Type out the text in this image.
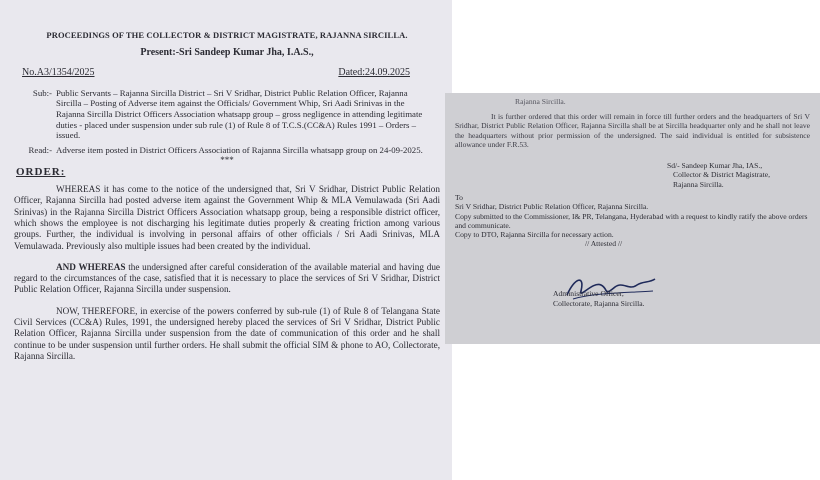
PROCEEDINGS OF THE COLLECTOR & DISTRICT MAGISTRATE, RAJANNA SIRCILLA.
Present:-Sri Sandeep Kumar Jha, I.A.S.,
No.A3/1354/2025	Dated:24.09.2025
Sub:- Public Servants – Rajanna Sircilla District – Sri V Sridhar, District Public Relation Officer, Rajanna Sircilla – Posting of Adverse item against the Officials/ Government Whip, Sri Aadi Srinivas in the Rajanna Sircilla District Officers Association whatsapp group – gross negligence in attending legitimate duties - placed under suspension under sub rule (1) of Rule 8 of T.C.S.(CC&A) Rules 1991 – Orders – issued.
Read:- Adverse item posted in District Officers Association of Rajanna Sircilla whatsapp group on 24-09-2025.
***
ORDER:

WHEREAS it has come to the notice of the undersigned that, Sri V Sridhar, District Public Relation Officer, Rajanna Sircilla had posted adverse item against the Government Whip & MLA Vemulawada (Sri Aadi Srinivas) in the Rajanna Sircilla District Officers Association whatsapp group, being a responsible district officer, which shows the employee is not discharging his legitimate duties properly & creating friction among various groups. Further, the individual is involving in personal affairs of other officials / Sri Aadi Srinivas, MLA Vemulawada. Previously also multiple issues had been created by the individual.

AND WHEREAS the undersigned after careful consideration of the available material and having due regard to the circumstances of the case, satisfied that it is necessary to place the services of Sri V Sridhar, District Public Relation Officer, Rajanna Sircilla under suspension.

NOW, THEREFORE, in exercise of the powers conferred by sub-rule (1) of Rule 8 of Telangana State Civil Services (CC&A) Rules, 1991, the undersigned hereby placed the services of Sri V Sridhar, District Public Relation Officer, Rajanna Sircilla under suspension from the date of communication of this order and he shall continue to be under suspension until further orders. He shall submit the official SIM & phone to AO, Collectorate, Rajanna Sircilla.

Rajanna Sircilla.

It is further ordered that this order will remain in force till further orders and the headquarters of Sri V Sridhar, District Public Relation Officer, Rajanna Sircilla shall be at Sircilla headquarter only and he shall not leave the headquarters without prior permission of the undersigned. The said individual is entitled for subsistence allowance under F.R.53.

Sd/- Sandeep Kumar Jha, IAS.,
Collector & District Magistrate,
Rajanna Sircilla.
To
Sri V Sridhar, District Public Relation Officer, Rajanna Sircilla.
Copy submitted to the Commissioner, I& PR, Telangana, Hyderabad with a request to kindly ratify the above orders and communicate.
Copy to DTO, Rajanna Sircilla for necessary action.
// Attested //
Administrative Officer,
Collectorate, Rajanna Sircilla.
